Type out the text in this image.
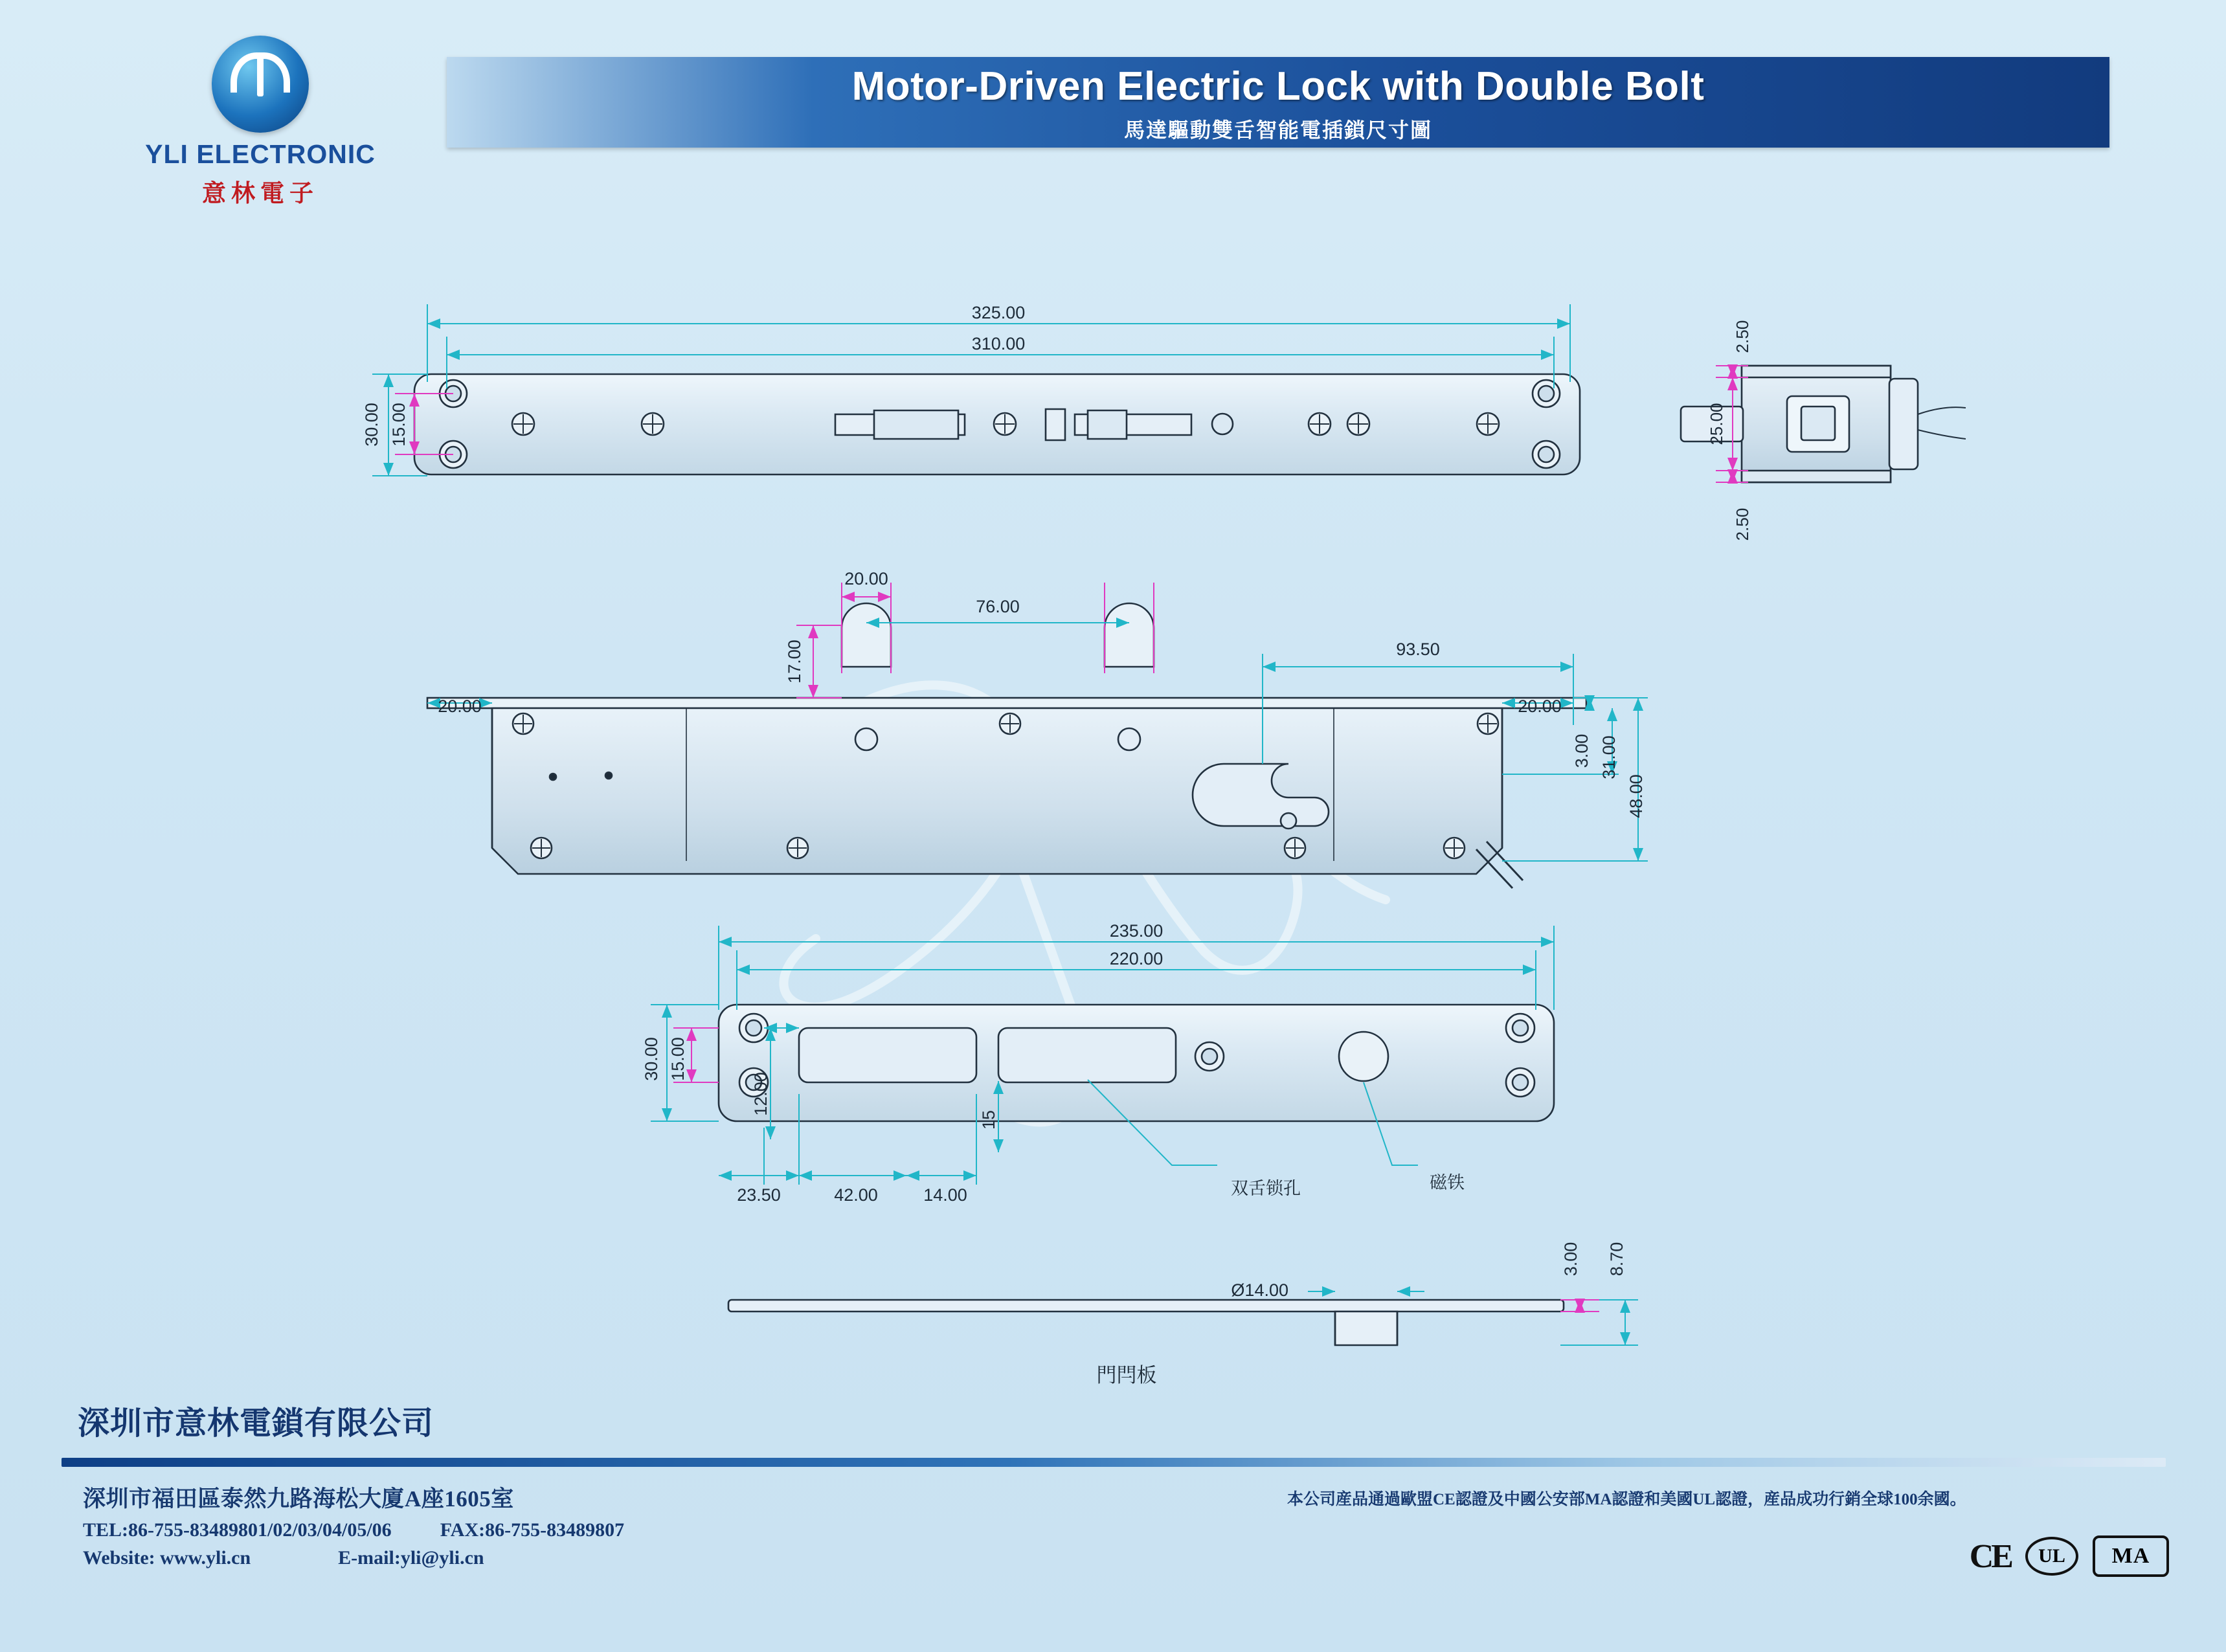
YLI ELECTRONIC
意林電子
Motor-Driven Electric Lock with Double Bolt
馬達驅動雙舌智能電插鎖尺寸圖
325.00
310.00
30.00 15.00
2.50
25.00
2.50
20.00
76.00
17.00
20.00	20.00
93.50
3.00 31.00
48.00
235.00
220.00
30.00 15.00
12.00
15
23.50	42.00	14.00	双舌锁孔	磁铁
3.00 8.70
Ø14.00
門閂板
深圳市意林電鎖有限公司
深圳市福田區泰然九路海松大廈A座1605室
TEL:86-755-83489801/02/03/04/05/06	FAX:86-755-83489807
Website: www.yli.cn	E-mail:yli@yli.cn
本公司産品通過歐盟CE認證及中國公安部MA認證和美國UL認證，産品成功行銷全球100余國。
CE	UL	MA
